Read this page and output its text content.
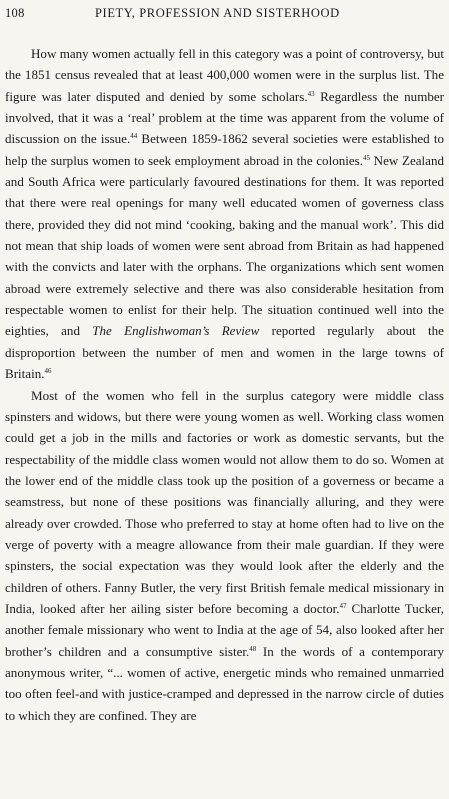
108	PIETY, PROFESSION AND SISTERHOOD

How many women actually fell in this category was a point of controversy, but the 1851 census revealed that at least 400,000 women were in the surplus list. The figure was later disputed and denied by some scholars.$^{43}$ Regardless the number involved, that it was a ‘real’ problem at the time was apparent from the volume of discussion on the issue.$^{44}$ Between 1859-1862 several societies were established to help the surplus women to seek employment abroad in the colonies.$^{45}$ New Zealand and South Africa were particularly favoured destinations for them. It was reported that there were real openings for many well educated women of governess class there, provided they did not mind ‘cooking, baking and the manual work’. This did not mean that ship loads of women were sent abroad from Britain as had happened with the convicts and later with the orphans. The organizations which sent women abroad were extremely selective and there was also considerable hesitation from respectable women to enlist for their help. The situation continued well into the eighties, and The Englishwoman’s Review reported regularly about the disproportion between the number of men and women in the large towns of Britain.$^{46}$

Most of the women who fell in the surplus category were middle class spinsters and widows, but there were young women as well. Working class women could get a job in the mills and factories or work as domestic servants, but the respectability of the middle class women would not allow them to do so. Women at the lower end of the middle class took up the position of a governess or became a seamstress, but none of these positions was financially alluring, and they were already over crowded. Those who preferred to stay at home often had to live on the verge of poverty with a meagre allowance from their male guardian. If they were spinsters, the social expectation was they would look after the elderly and the children of others. Fanny Butler, the very first British female medical missionary in India, looked after her ailing sister before becoming a doctor.$^{47}$ Charlotte Tucker, another female missionary who went to India at the age of 54, also looked after her brother’s children and a consumptive sister.$^{48}$ In the words of a contemporary anonymous writer, “... women of active, energetic minds who remained unmarried too often feel-and with justice-cramped and depressed in the narrow circle of duties to which they are confined. They are
